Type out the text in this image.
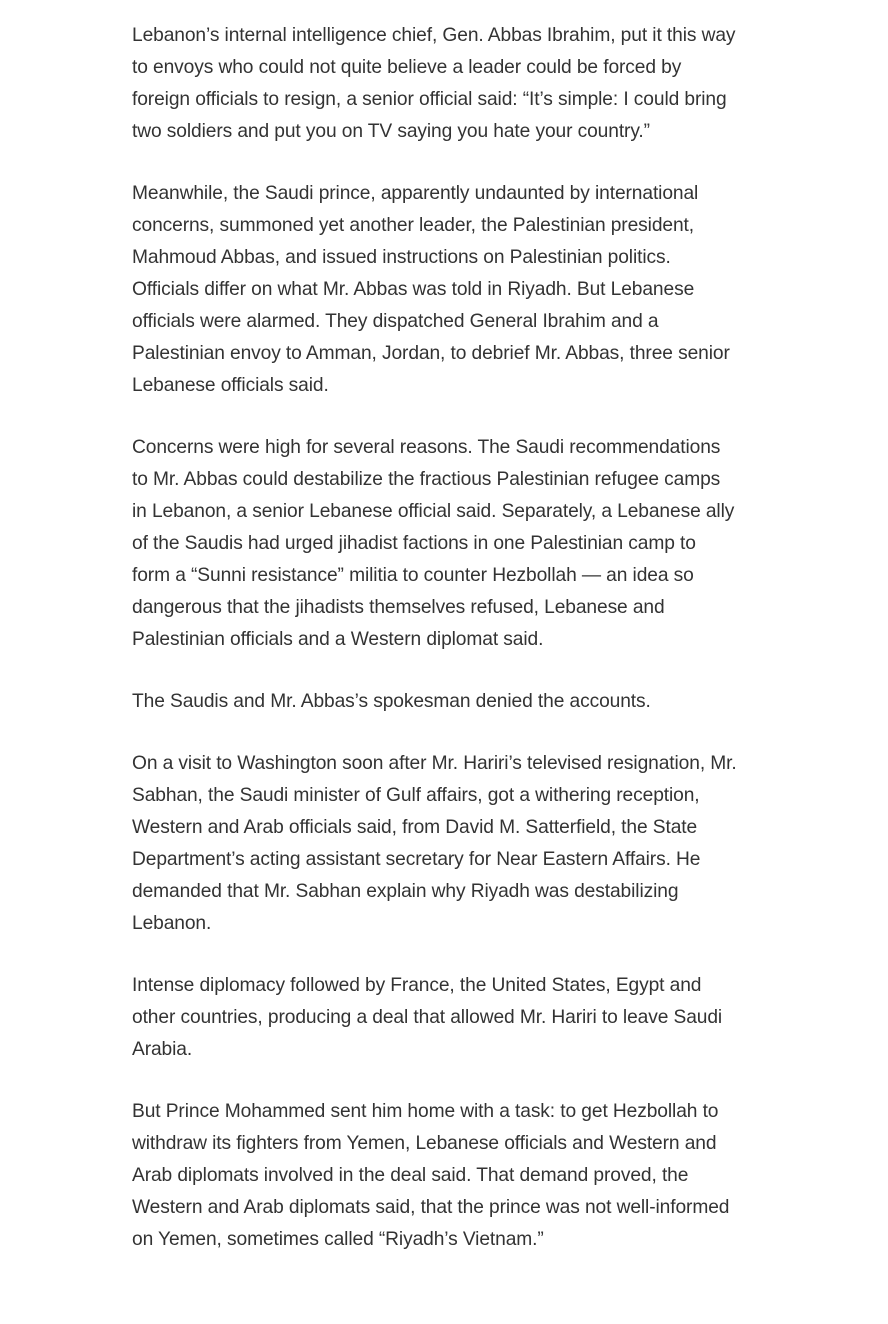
Lebanon’s internal intelligence chief, Gen. Abbas Ibrahim, put it this way to envoys who could not quite believe a leader could be forced by foreign officials to resign, a senior official said: “It’s simple: I could bring two soldiers and put you on TV saying you hate your country.”

Meanwhile, the Saudi prince, apparently undaunted by international concerns, summoned yet another leader, the Palestinian president, Mahmoud Abbas, and issued instructions on Palestinian politics. Officials differ on what Mr. Abbas was told in Riyadh. But Lebanese officials were alarmed. They dispatched General Ibrahim and a Palestinian envoy to Amman, Jordan, to debrief Mr. Abbas, three senior Lebanese officials said.

Concerns were high for several reasons. The Saudi recommendations to Mr. Abbas could destabilize the fractious Palestinian refugee camps in Lebanon, a senior Lebanese official said. Separately, a Lebanese ally of the Saudis had urged jihadist factions in one Palestinian camp to form a “Sunni resistance” militia to counter Hezbollah — an idea so dangerous that the jihadists themselves refused, Lebanese and Palestinian officials and a Western diplomat said.

The Saudis and Mr. Abbas’s spokesman denied the accounts.

On a visit to Washington soon after Mr. Hariri’s televised resignation, Mr. Sabhan, the Saudi minister of Gulf affairs, got a withering reception, Western and Arab officials said, from David M. Satterfield, the State Department’s acting assistant secretary for Near Eastern Affairs. He demanded that Mr. Sabhan explain why Riyadh was destabilizing Lebanon.

Intense diplomacy followed by France, the United States, Egypt and other countries, producing a deal that allowed Mr. Hariri to leave Saudi Arabia.

But Prince Mohammed sent him home with a task: to get Hezbollah to withdraw its fighters from Yemen, Lebanese officials and Western and Arab diplomats involved in the deal said. That demand proved, the Western and Arab diplomats said, that the prince was not well-informed on Yemen, sometimes called “Riyadh’s Vietnam.”
